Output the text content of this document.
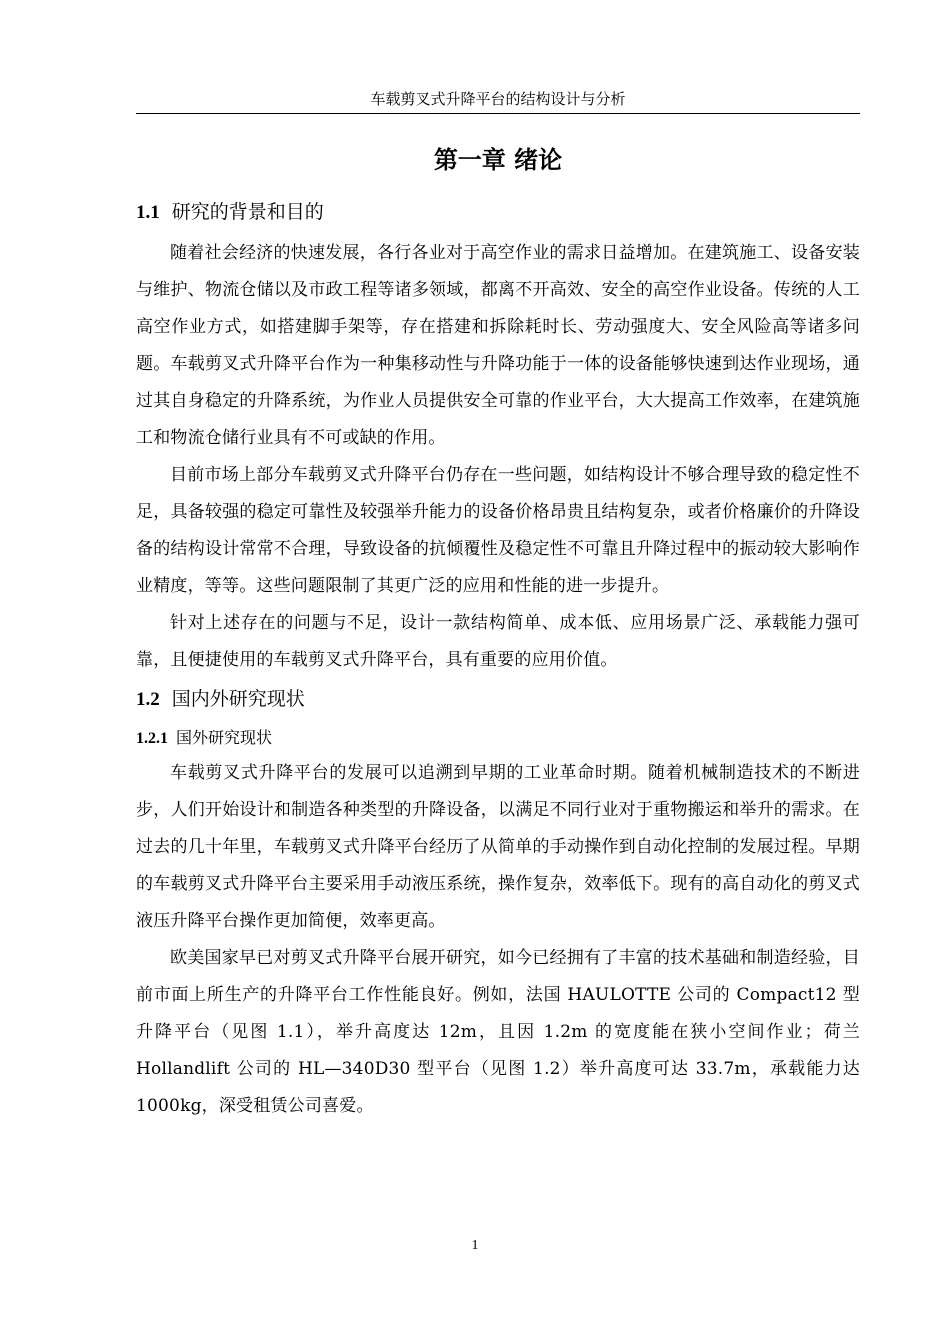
车载剪叉式升降平台的结构设计与分析
第一章 绪论
1.1 研究的背景和目的

随着社会经济的快速发展，各行各业对于高空作业的需求日益增加。在建筑施工、设备安装与维护、物流仓储以及市政工程等诸多领域，都离不开高效、安全的高空作业设备。传统的人工高空作业方式，如搭建脚手架等，存在搭建和拆除耗时长、劳动强度大、安全风险高等诸多问题。车载剪叉式升降平台作为一种集移动性与升降功能于一体的设备能够快速到达作业现场，通过其自身稳定的升降系统，为作业人员提供安全可靠的作业平台，大大提高工作效率，在建筑施工和物流仓储行业具有不可或缺的作用。

目前市场上部分车载剪叉式升降平台仍存在一些问题，如结构设计不够合理导致的稳定性不足，具备较强的稳定可靠性及较强举升能力的设备价格昂贵且结构复杂，或者价格廉价的升降设备的结构设计常常不合理，导致设备的抗倾覆性及稳定性不可靠且升降过程中的振动较大影响作业精度，等等。这些问题限制了其更广泛的应用和性能的进一步提升。

针对上述存在的问题与不足，设计一款结构简单、成本低、应用场景广泛、承载能力强可靠，且便捷使用的车载剪叉式升降平台，具有重要的应用价值。

1.2 国内外研究现状
1.2.1 国外研究现状

车载剪叉式升降平台的发展可以追溯到早期的工业革命时期。随着机械制造技术的不断进步，人们开始设计和制造各种类型的升降设备，以满足不同行业对于重物搬运和举升的需求。在过去的几十年里，车载剪叉式升降平台经历了从简单的手动操作到自动化控制的发展过程。早期的车载剪叉式升降平台主要采用手动液压系统，操作复杂，效率低下。现有的高自动化的剪叉式液压升降平台操作更加简便，效率更高。

欧美国家早已对剪叉式升降平台展开研究，如今已经拥有了丰富的技术基础和制造经验，目前市面上所生产的升降平台工作性能良好。例如，法国 HAULOTTE 公司的 Compact12 型升降平台（见图 1.1），举升高度达 12m，且因 1.2m 的宽度能在狭小空间作业；荷兰 Hollandlift 公司的 HL—340D30 型平台（见图 1.2）举升高度可达 33.7m，承载能力达 1000kg，深受租赁公司喜爱。

1
